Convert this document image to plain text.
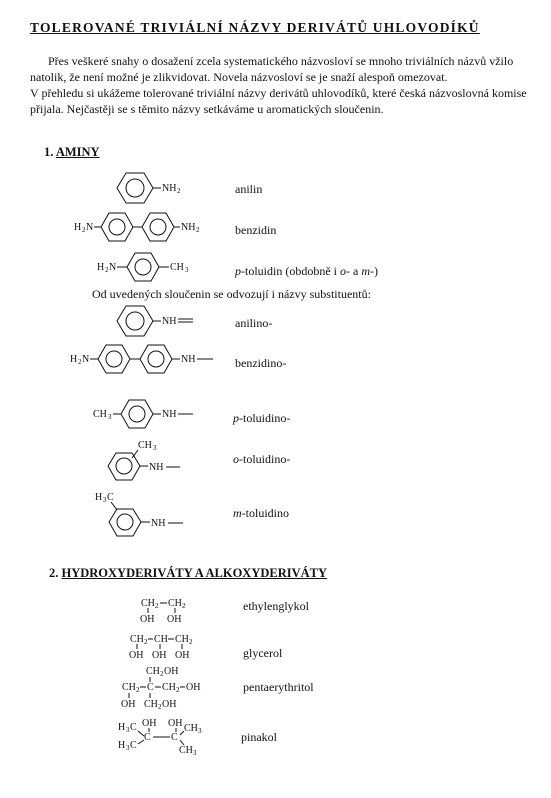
TOLEROVANÉ TRIVIÁLNÍ NÁZVY DERIVÁTŮ UHLOVODÍKŮ

Přes veškeré snahy o dosažení zcela systematického názvosloví se mnoho triviálních názvů vžilo natolik, že není možné je zlikvidovat. Novela názvosloví se je snaží alespoň omezovat.

V přehledu si ukážeme tolerované triviální názvy derivátů uhlovodíků, které česká názvoslovná komise přijala. Nejčastěji se s těmito názvy setkáváme u aromatických sloučenin.

1. AMINY
NH 2	anilin
H 2 N	NH 2	benzidin
H 2 N	CH 3	p-toluidin (obdobně i o- a m-)
Od uvedených sloučenin se odvozují i názvy substituentů:
NH	anilino-
H 2 N	NH	benzidino-
CH 3	NH	p-toluidino-
CH 3
NH
o-toluidino-
H 3 C
NH
m-toluidino
2. HYDROXYDERIVÁTY A ALKOXYDERIVÁTY
CH 2 CH 2
OH OH
ethylenglykol
CH 2 CH CH 2
OH OH OH	glycerol
CH 2 OH
CH 2 C CH 2 OH
OH CH 2 OH
pentaerythritol
H 3 C OH OH
C C
CH 3
CH 3
H 3 C
pinakol
